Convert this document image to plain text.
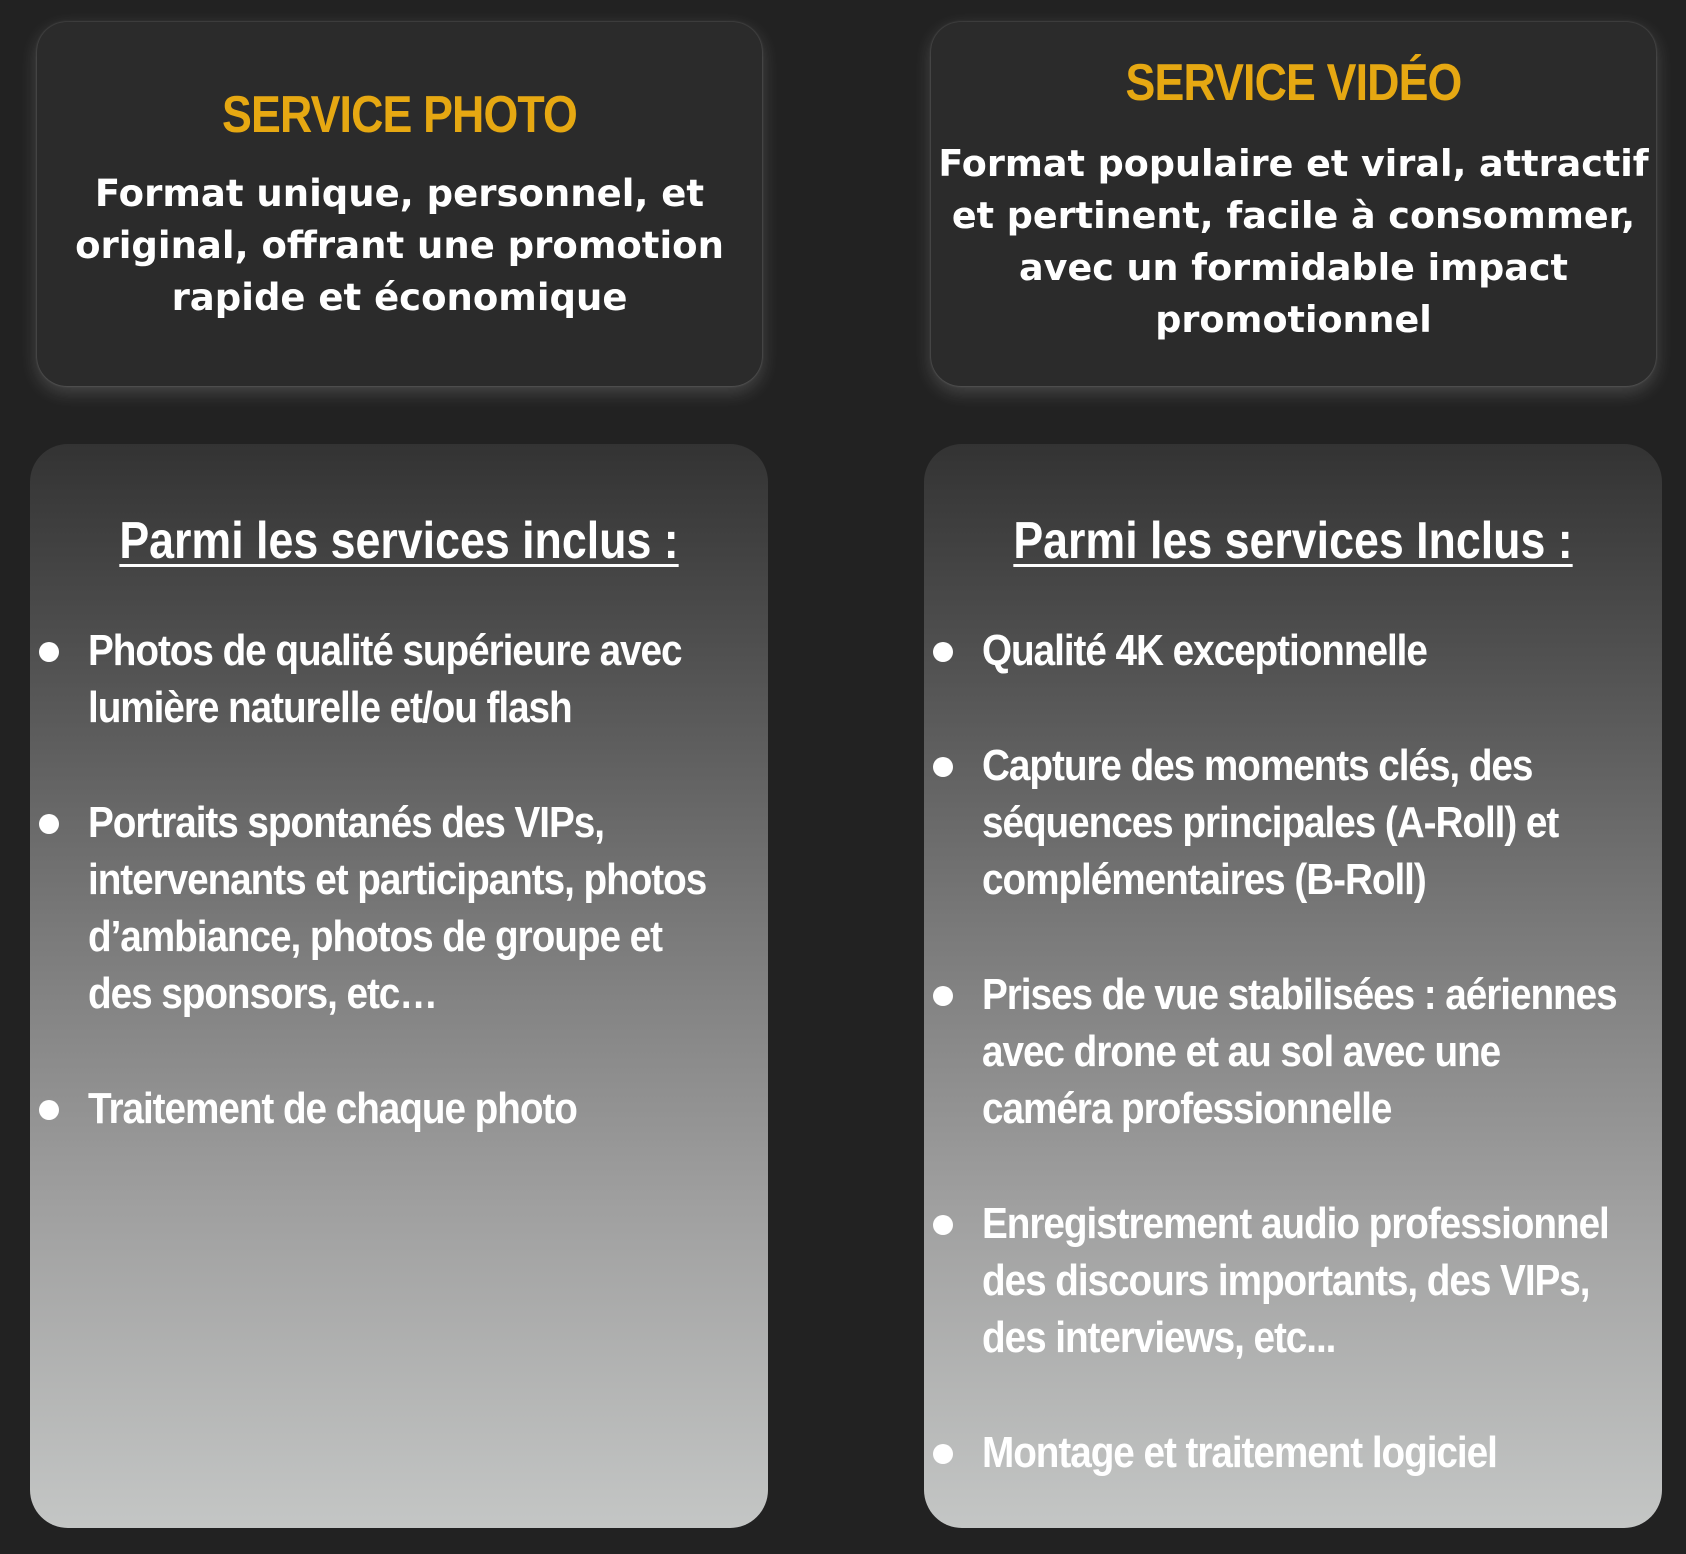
SERVICE PHOTO

Format unique, personnel, et original, offrant une promotion rapide et économique

SERVICE VIDÉO

Format populaire et viral, attractif et pertinent, facile à consommer, avec un formidable impact promotionnel

Parmi les services inclus :
Photos de qualité supérieure avec
lumière naturelle et/ou flash
Portraits spontanés des VIPs,
intervenants et participants, photos
d’ambiance, photos de groupe et
des sponsors, etc…
Traitement de chaque photo
Parmi les services Inclus :
Qualité 4K exceptionnelle
Capture des moments clés, des
séquences principales (A-Roll) et
complémentaires (B-Roll)
Prises de vue stabilisées : aériennes
avec drone et au sol avec une
caméra professionnelle
Enregistrement audio professionnel
des discours importants, des VIPs,
des interviews, etc...
Montage et traitement logiciel
